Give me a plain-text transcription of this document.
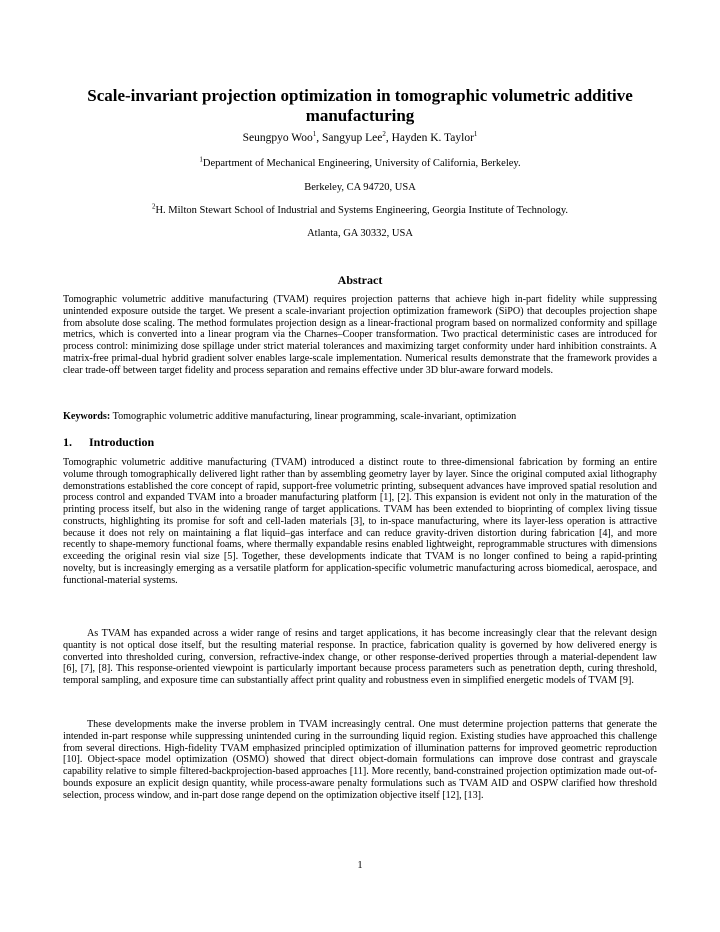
Scale-invariant projection optimization in tomographic volumetric additive manufacturing
Seungpyo Woo$^1$, Sangyup Lee$^2$, Hayden K. Taylor$^1$
$^1$Department of Mechanical Engineering, University of California, Berkeley.
Berkeley, CA 94720, USA
$^2$H. Milton Stewart School of Industrial and Systems Engineering, Georgia Institute of Technology.
Atlanta, GA 30332, USA
Abstract
Tomographic volumetric additive manufacturing (TVAM) requires projection patterns that achieve high in-part fidelity while suppressing unintended exposure outside the target. We present a scale-invariant projection optimization framework (SiPO) that decouples projection shape from absolute dose scaling. The method formulates projection design as a linear-fractional program based on normalized conformity and spillage metrics, which is converted into a linear program via the Charnes–Cooper transformation. Two practical deterministic cases are introduced for process control: minimizing dose spillage under strict material tolerances and maximizing target conformity under hard inhibition constraints. A matrix-free primal-dual hybrid gradient solver enables large-scale implementation. Numerical results demonstrate that the framework provides a clear trade-off between target fidelity and process separation and remains effective under 3D blur-aware forward models.
Keywords: Tomographic volumetric additive manufacturing, linear programming, scale-invariant, optimization
1. Introduction
Tomographic volumetric additive manufacturing (TVAM) introduced a distinct route to three-dimensional fabrication by forming an entire volume through tomographically delivered light rather than by assembling geometry layer by layer. Since the original computed axial lithography demonstrations established the core concept of rapid, support-free volumetric printing, subsequent advances have improved spatial resolution and process control and expanded TVAM into a broader manufacturing platform [1], [2]. This expansion is evident not only in the maturation of the printing process itself, but also in the widening range of target applications. TVAM has been extended to bioprinting of complex living tissue constructs, highlighting its promise for soft and cell-laden materials [3], to in-space manufacturing, where its layer-less operation is attractive because it does not rely on maintaining a flat liquid–gas interface and can reduce gravity-driven distortion during fabrication [4], and more recently to shape-memory functional foams, where thermally expandable resins enabled lightweight, reprogrammable structures with dimensions exceeding the original resin vial size [5]. Together, these developments indicate that TVAM is no longer confined to being a rapid-printing novelty, but is increasingly emerging as a versatile platform for application-specific volumetric manufacturing across biomedical, aerospace, and functional-material systems.
As TVAM has expanded across a wider range of resins and target applications, it has become increasingly clear that the relevant design quantity is not optical dose itself, but the resulting material response. In practice, fabrication quality is governed by how delivered energy is converted into thresholded curing, conversion, refractive-index change, or other response-derived properties through a material-dependent law [6], [7], [8]. This response-oriented viewpoint is particularly important because process parameters such as penetration depth, curing threshold, temporal sampling, and exposure time can substantially affect print quality and robustness even in simplified energetic models of TVAM [9].
These developments make the inverse problem in TVAM increasingly central. One must determine projection patterns that generate the intended in-part response while suppressing unintended curing in the surrounding liquid region. Existing studies have approached this challenge from several directions. High-fidelity TVAM emphasized principled optimization of illumination patterns for improved geometric reproduction [10]. Object-space model optimization (OSMO) showed that direct object-domain formulations can improve dose contrast and grayscale capability relative to simple filtered-backprojection-based approaches [11]. More recently, band-constrained projection optimization made out-of-bounds exposure an explicit design quantity, while process-aware penalty formulations such as TVAM AID and OSPW clarified how threshold selection, process window, and in-part dose range depend on the optimization objective itself [12], [13].
1
